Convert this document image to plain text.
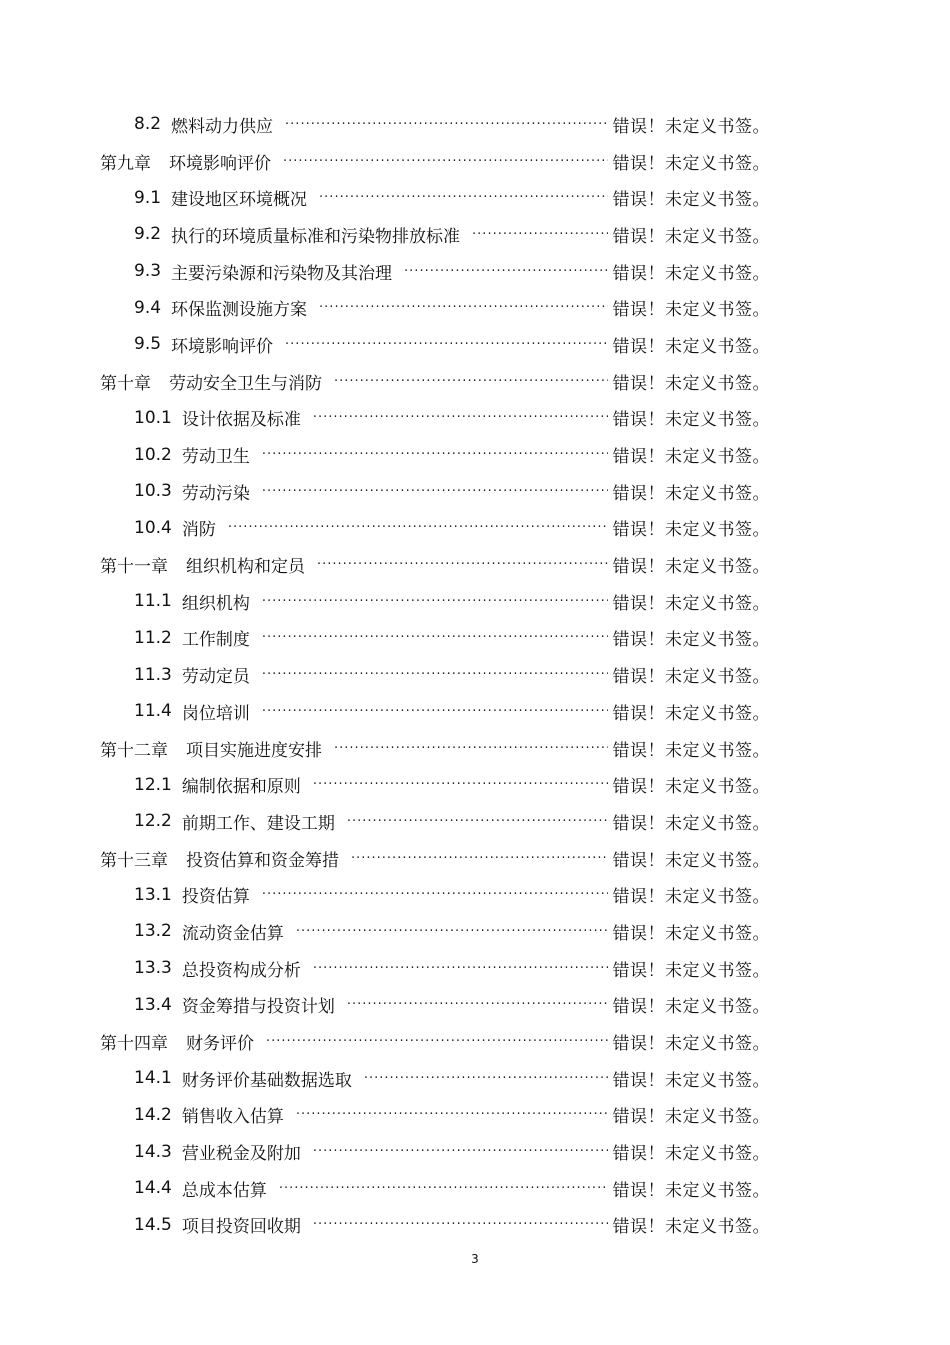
8.2 燃料动力供应 ·····	错误！未定义书签。
第九章 环境影响评价 ·····	错误！未定义书签。
9.1 建设地区环境概况 ·····	错误！未定义书签。
9.2 执行的环境质量标准和污染物排放标准 ·····	错误！未定义书签。
9.3 主要污染源和污染物及其治理 ·····	错误！未定义书签。
9.4 环保监测设施方案 ·····	错误！未定义书签。
9.5 环境影响评价 ·····	错误！未定义书签。
第十章 劳动安全卫生与消防 ·····	错误！未定义书签。
10.1 设计依据及标准 ·····	错误！未定义书签。
10.2 劳动卫生 ·····	错误！未定义书签。
10.3 劳动污染 ·····	错误！未定义书签。
10.4 消防 ·····	错误！未定义书签。
第十一章 组织机构和定员 ·····	错误！未定义书签。
11.1 组织机构 ·····	错误！未定义书签。
11.2 工作制度 ·····	错误！未定义书签。
11.3 劳动定员 ·····	错误！未定义书签。
11.4 岗位培训 ·····	错误！未定义书签。
第十二章 项目实施进度安排 ·····	错误！未定义书签。
12.1 编制依据和原则 ·····	错误！未定义书签。
12.2 前期工作、建设工期 ·····	错误！未定义书签。
第十三章 投资估算和资金筹措 ·····	错误！未定义书签。
13.1 投资估算 ·····	错误！未定义书签。
13.2 流动资金估算 ·····	错误！未定义书签。
13.3 总投资构成分析 ·····	错误！未定义书签。
13.4 资金筹措与投资计划 ·····	错误！未定义书签。
第十四章 财务评价 ·····	错误！未定义书签。
14.1 财务评价基础数据选取 ·····	错误！未定义书签。
14.2 销售收入估算 ·····	错误！未定义书签。
14.3 营业税金及附加 ·····	错误！未定义书签。
14.4 总成本估算 ·····	错误！未定义书签。
14.5 项目投资回收期 ·····	错误！未定义书签。
3
